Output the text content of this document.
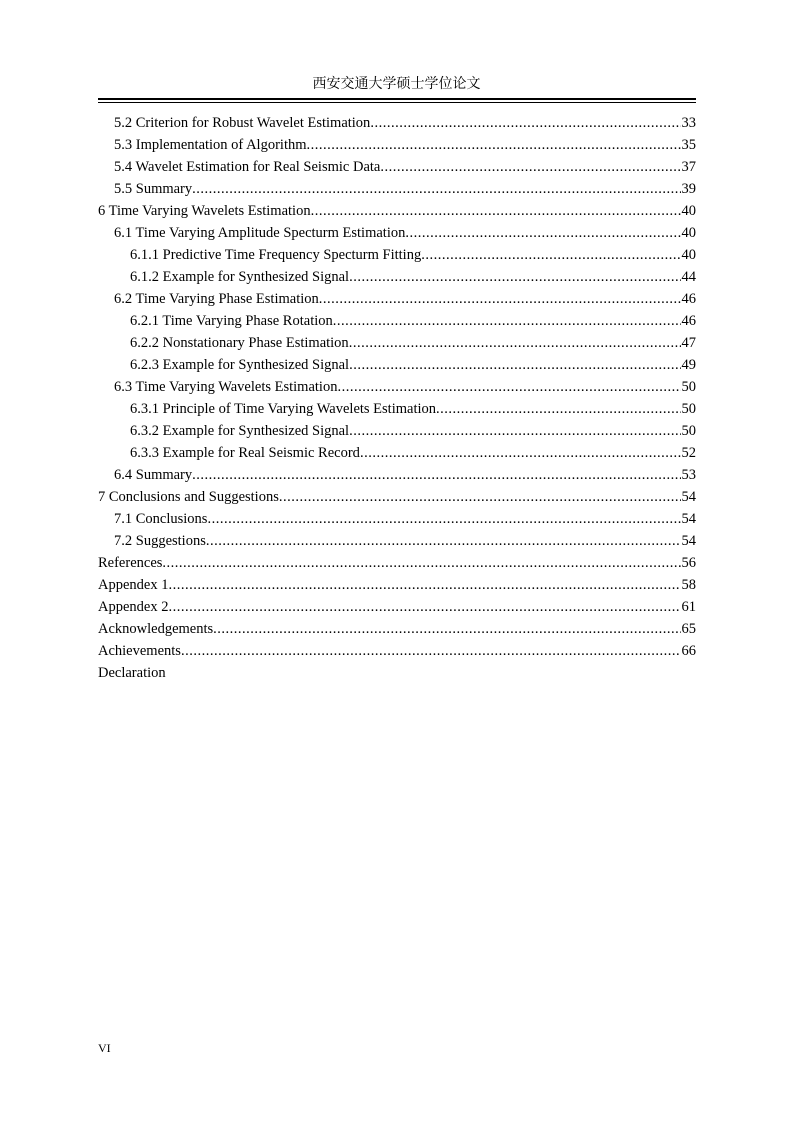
西安交通大学硕士学位论文
5.2 Criterion for Robust Wavelet Estimation .....	33
5.3 Implementation of Algorithm .....	35
5.4 Wavelet Estimation for Real Seismic Data .....	37
5.5 Summary .....	39
6 Time Varying Wavelets Estimation .....	40
6.1 Time Varying Amplitude Specturm Estimation .....	40
6.1.1 Predictive Time Frequency Specturm Fitting .....	40
6.1.2 Example for Synthesized Signal .....	44
6.2 Time Varying Phase Estimation .....	46
6.2.1 Time Varying Phase Rotation .....	46
6.2.2 Nonstationary Phase Estimation .....	47
6.2.3 Example for Synthesized Signal .....	49
6.3 Time Varying Wavelets Estimation .....	50
6.3.1 Principle of Time Varying Wavelets Estimation .....	50
6.3.2 Example for Synthesized Signal .....	50
6.3.3 Example for Real Seismic Record .....	52
6.4 Summary .....	53
7 Conclusions and Suggestions .....	54
7.1 Conclusions .....	54
7.2 Suggestions .....	54
References .....	56
Appendex 1 .....	58
Appendex 2 .....	61
Acknowledgements .....	65
Achievements .....	66
Declaration
VI
